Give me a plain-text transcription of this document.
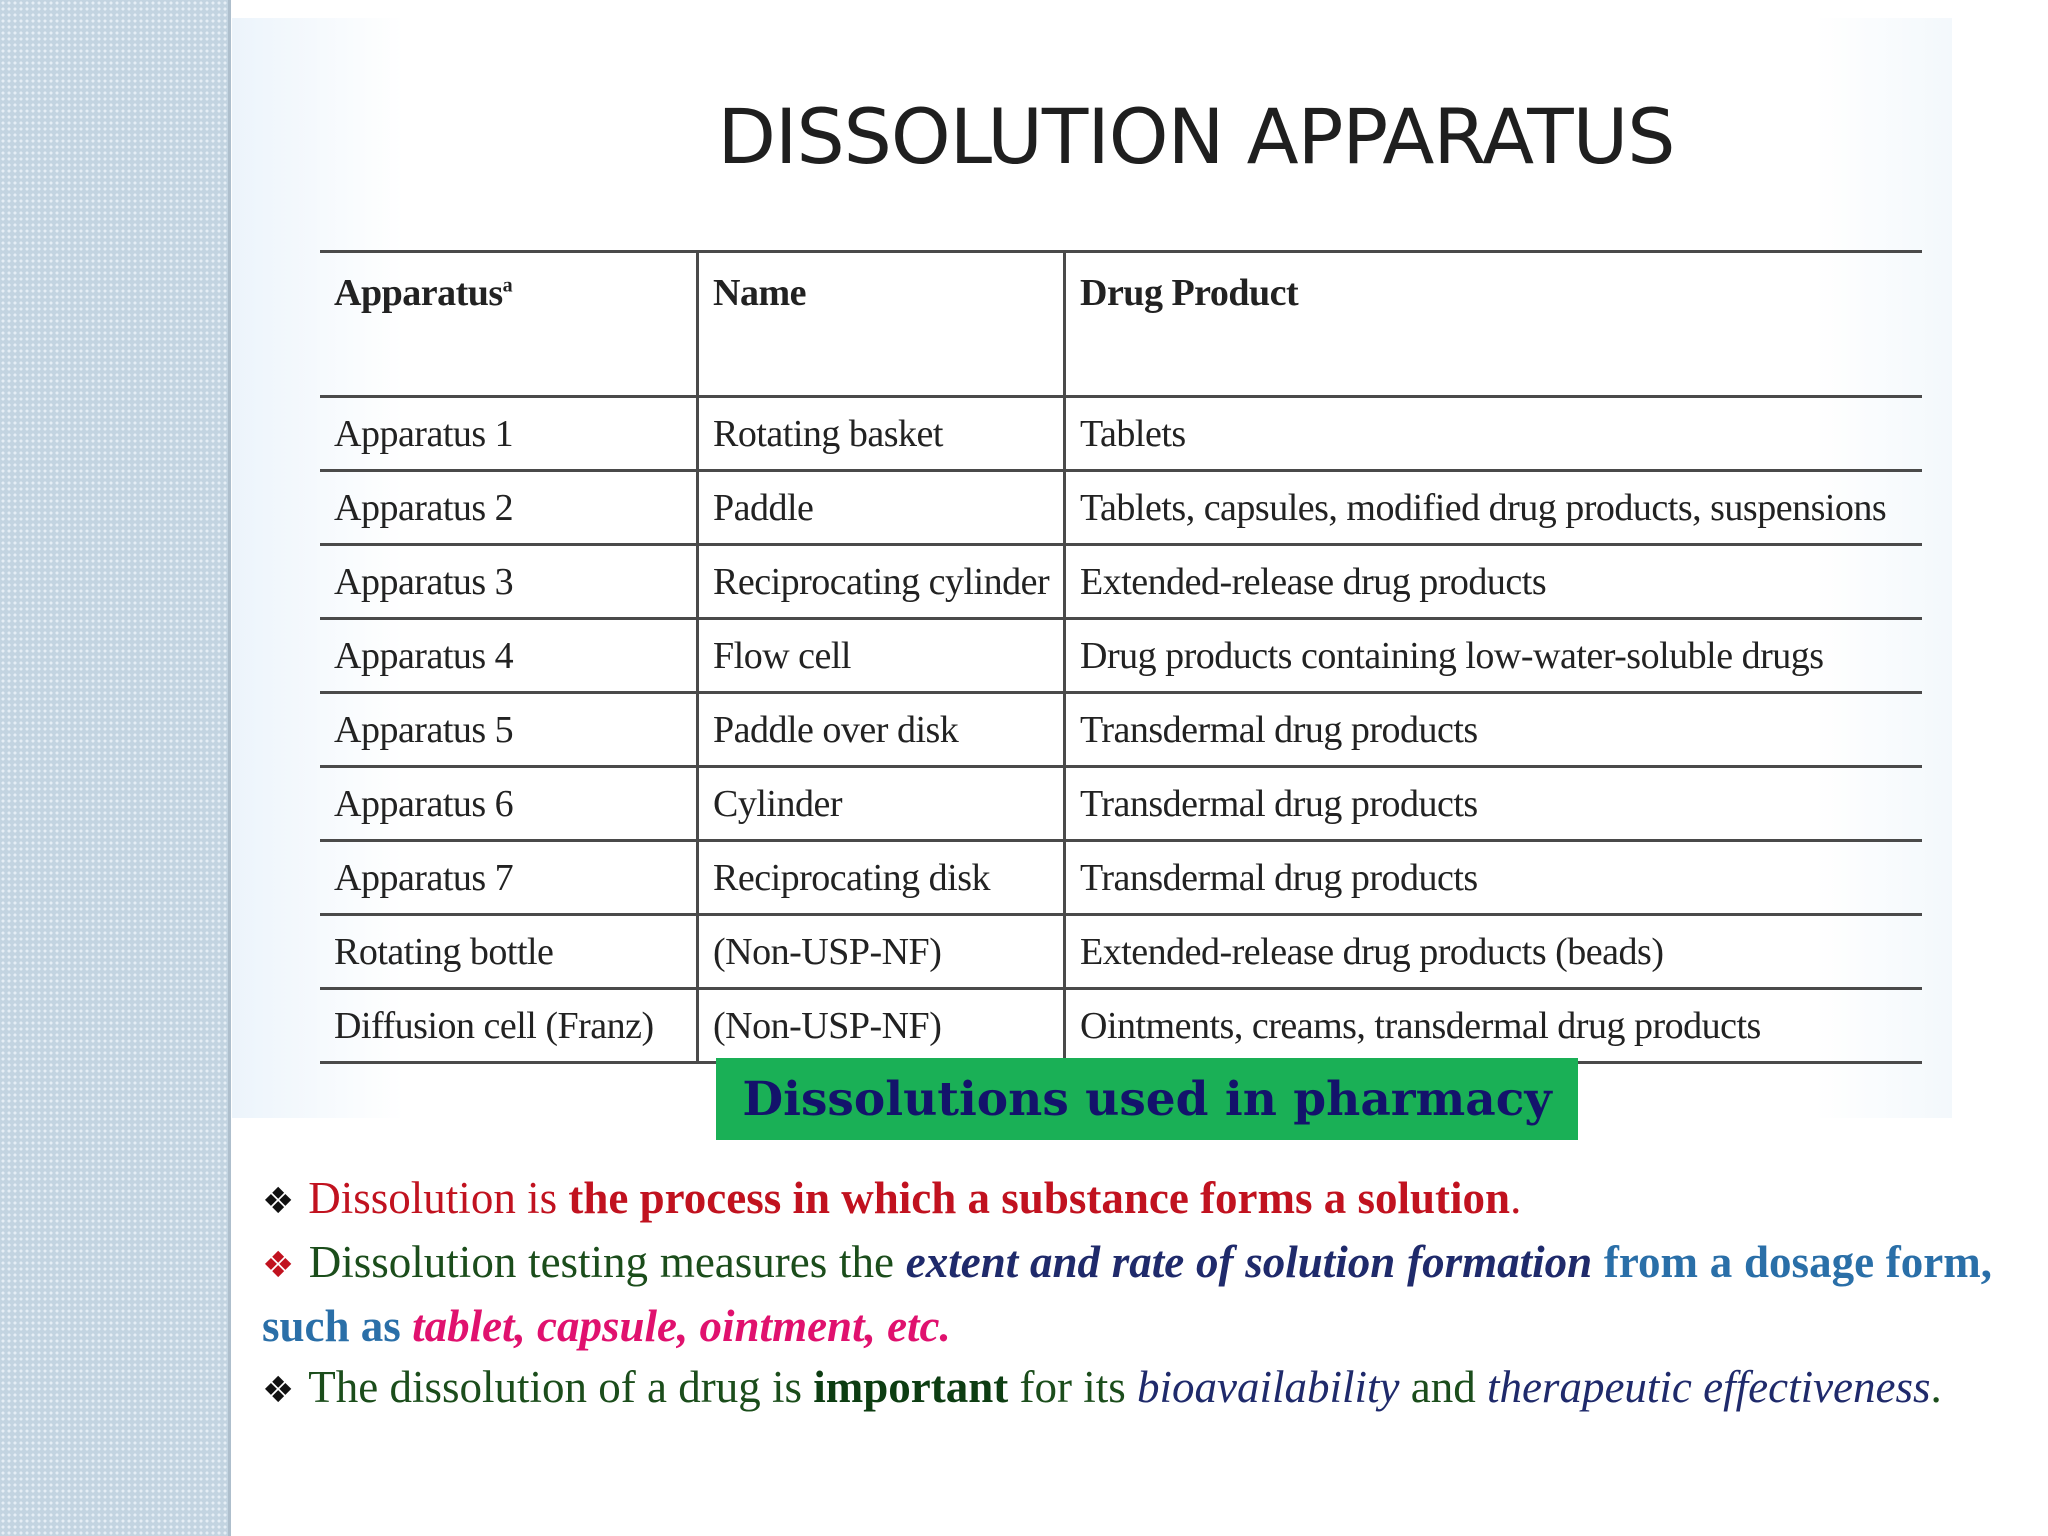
DISSOLUTION APPARATUS
Apparatus$^a$	Name	Drug Product
Apparatus 1	Rotating basket	Tablets
Apparatus 2	Paddle	Tablets, capsules, modified drug products, suspensions
Apparatus 3	Reciprocating cylinder	Extended-release drug products
Apparatus 4	Flow cell	Drug products containing low-water-soluble drugs
Apparatus 5	Paddle over disk	Transdermal drug products
Apparatus 6	Cylinder	Transdermal drug products
Apparatus 7	Reciprocating disk	Transdermal drug products
Rotating bottle	(Non-USP-NF)	Extended-release drug products (beads)
Diffusion cell (Franz)	(Non-USP-NF)	Ointments, creams, transdermal drug products
Dissolutions used in pharmacy

❖ Dissolution is the process in which a substance forms a solution.

❖ Dissolution testing measures the extent and rate of solution formation from a dosage form, such as tablet, capsule, ointment, etc.

❖ The dissolution of a drug is important for its bioavailability and therapeutic effectiveness.
